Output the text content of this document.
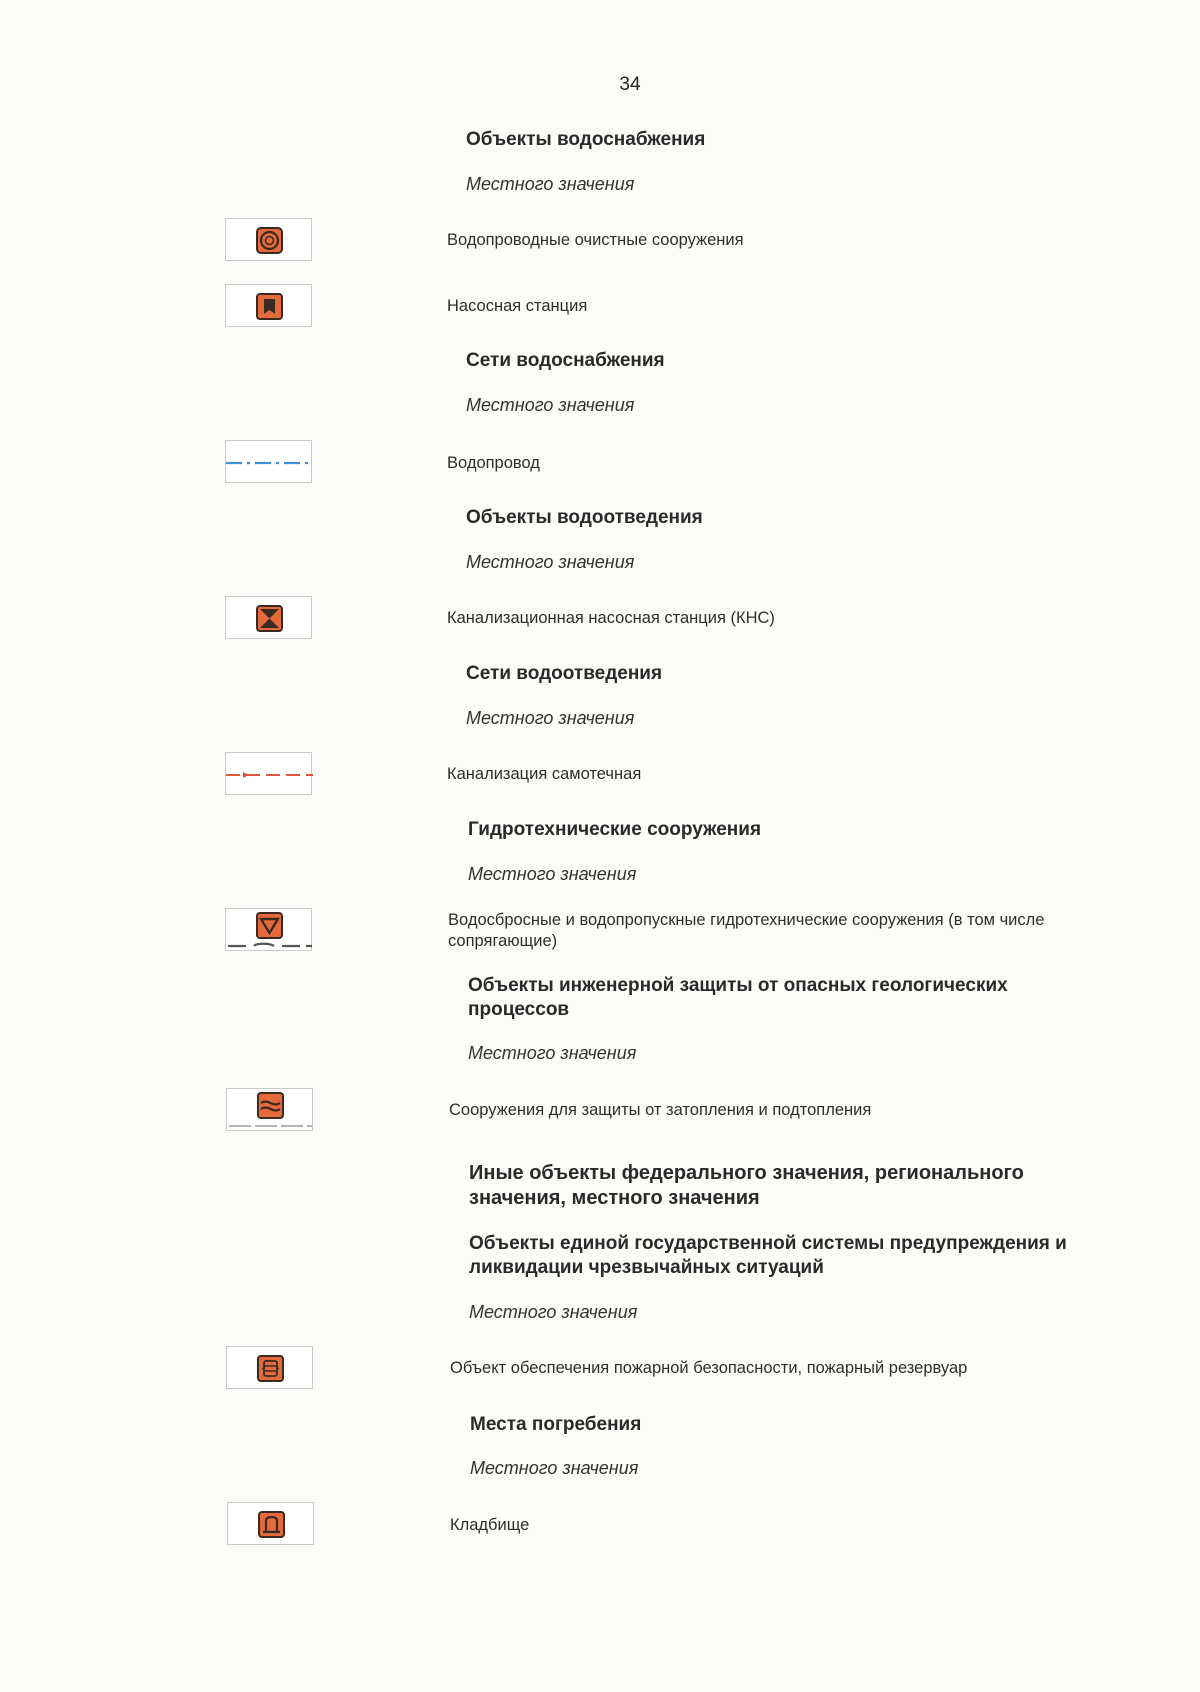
34
Объекты водоснабжения
Местного значения
Водопроводные очистные сооружения
Насосная станция
Сети водоснабжения
Местного значения
Водопровод
Объекты водоотведения
Местного значения
Канализационная насосная станция (КНС)
Сети водоотведения
Местного значения
Канализация самотечная
Гидротехнические сооружения
Местного значения
Водосбросные и водопропускные гидротехнические сооружения (в том числе сопрягающие)
Объекты инженерной защиты от опасных геологических процессов
Местного значения
Сооружения для защиты от затопления и подтопления
Иные объекты федерального значения, регионального значения, местного значения
Объекты единой государственной системы предупреждения и ликвидации чрезвычайных ситуаций
Местного значения
Объект обеспечения пожарной безопасности, пожарный резервуар
Места погребения
Местного значения
Кладбище
